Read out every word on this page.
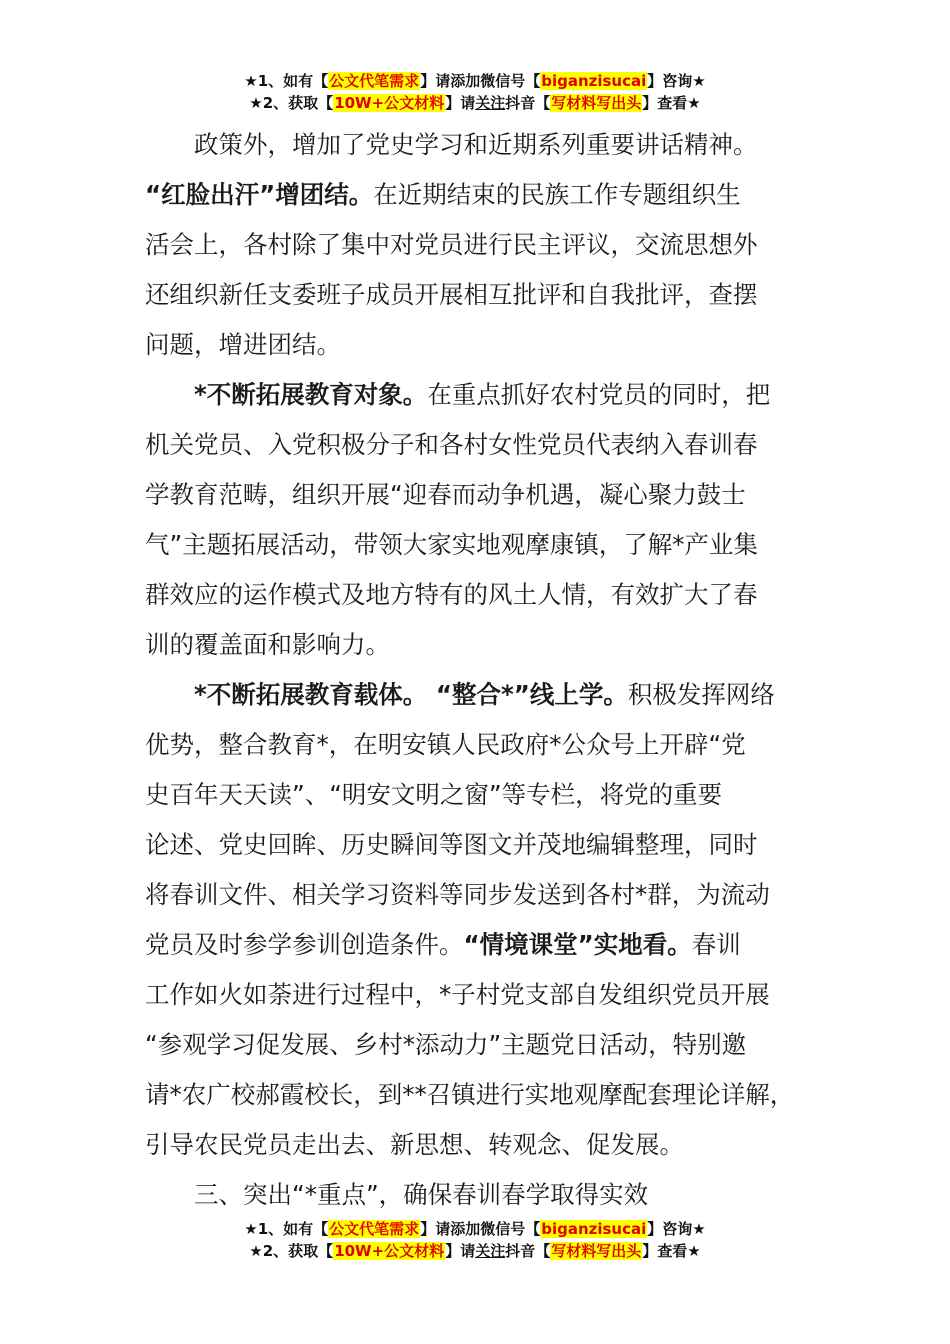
★1、如有【公文代笔需求】请添加微信号【biganzisucai】咨询★
★2、获取【10W+公文材料】请关注抖音【写材料写出头】查看★
政策外，增加了党史学习和近期系列重要讲话精神。
“红脸出汗”增团结。在近期结束的民族工作专题组织生
活会上，各村除了集中对党员进行民主评议，交流思想外
还组织新任支委班子成员开展相互批评和自我批评，查摆
问题，增进团结。
*不断拓展教育对象。在重点抓好农村党员的同时，把
机关党员、入党积极分子和各村女性党员代表纳入春训春
学教育范畴，组织开展“迎春而动争机遇，凝心聚力鼓士
气”主题拓展活动，带领大家实地观摩康镇，了解*产业集
群效应的运作模式及地方特有的风土人情，有效扩大了春
训的覆盖面和影响力。
*不断拓展教育载体。 “整合*”线上学。积极发挥网络
优势，整合教育*，在明安镇人民政府*公众号上开辟“党
史百年天天读”、“明安文明之窗”等专栏，将党的重要
论述、党史回眸、历史瞬间等图文并茂地编辑整理，同时
将春训文件、相关学习资料等同步发送到各村*群，为流动
党员及时参学参训创造条件。“情境课堂”实地看。春训
工作如火如荼进行过程中，*子村党支部自发组织党员开展
“参观学习促发展、乡村*添动力”主题党日活动，特别邀
请*农广校郝霞校长，到**召镇进行实地观摩配套理论详解，
引导农民党员走出去、新思想、转观念、促发展。
三、突出“*重点”，确保春训春学取得实效
★1、如有【公文代笔需求】请添加微信号【biganzisucai】咨询★
★2、获取【10W+公文材料】请关注抖音【写材料写出头】查看★
